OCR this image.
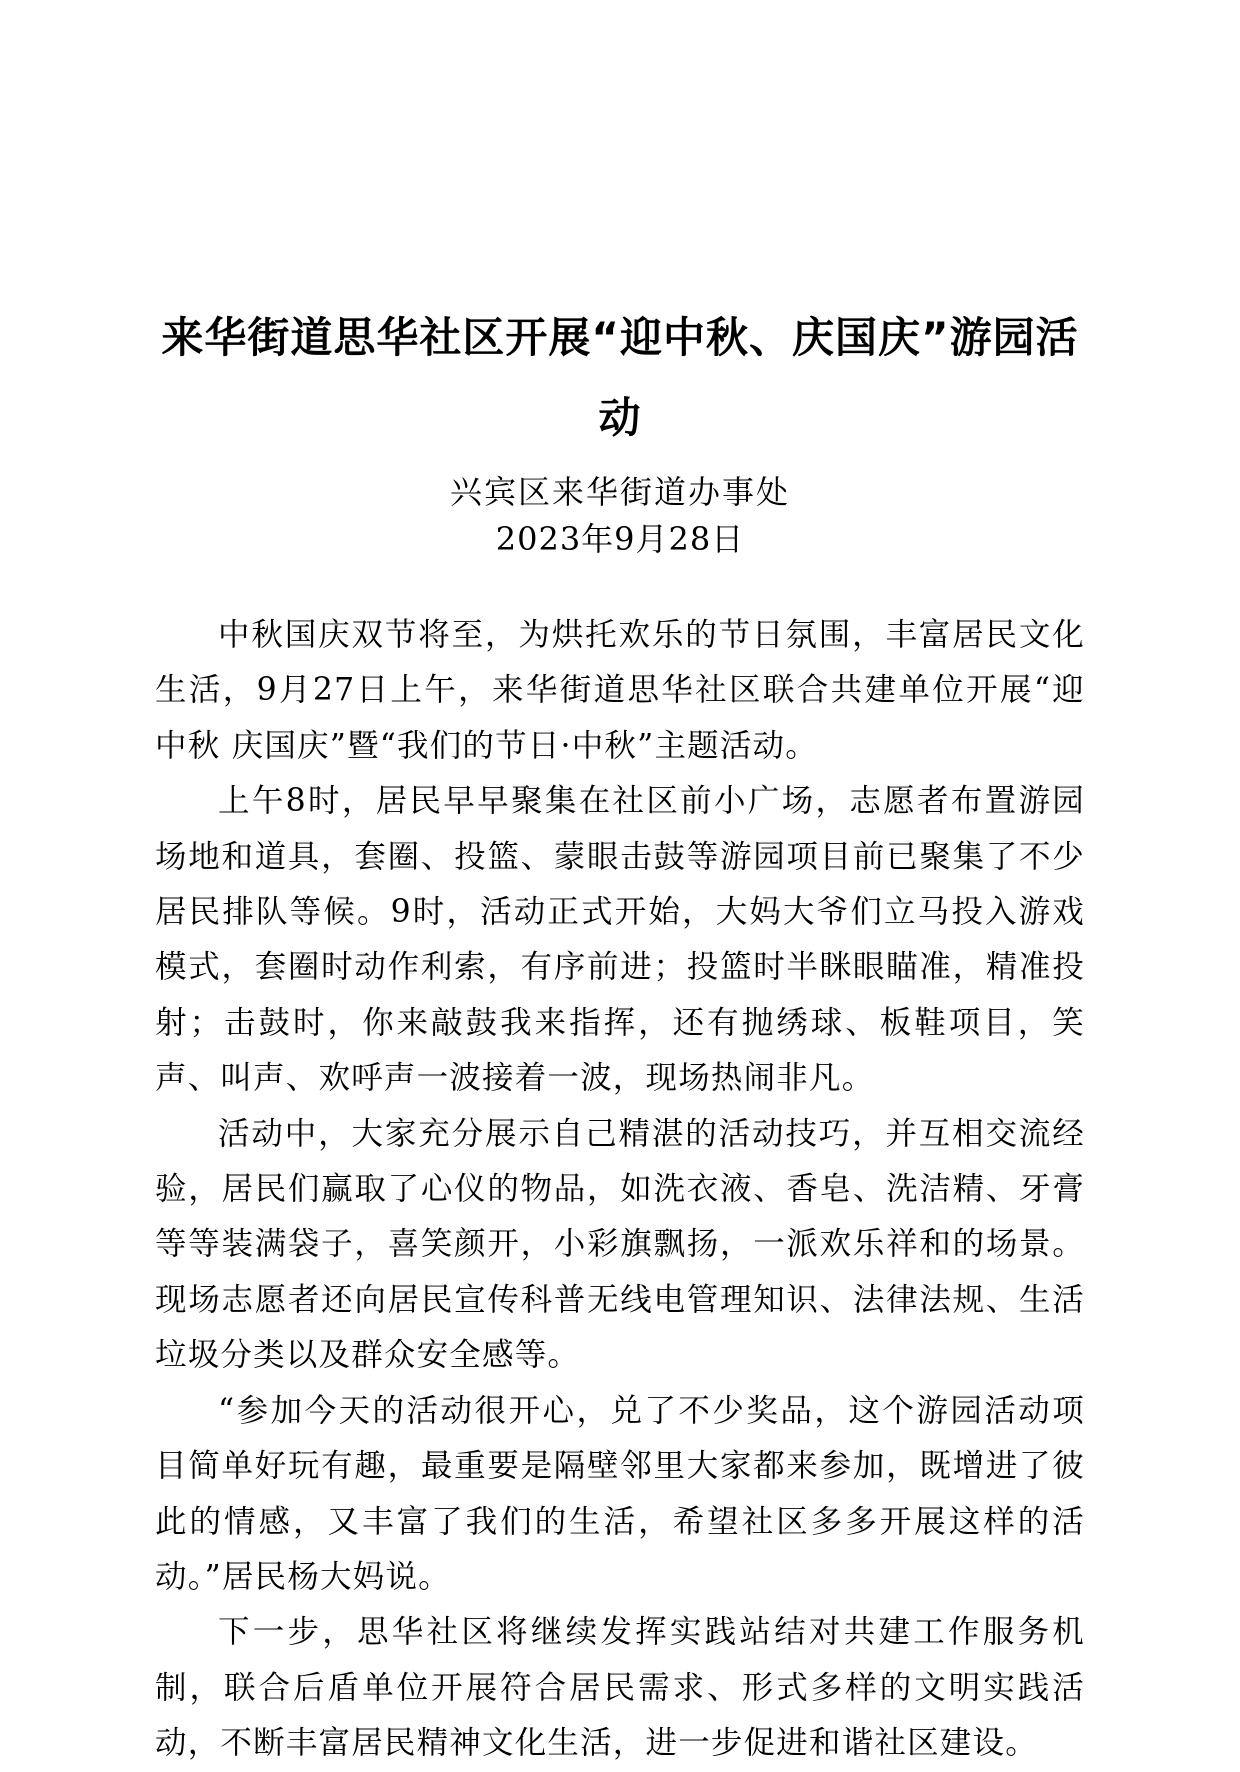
来华街道思华社区开展“迎中秋、庆国庆”游园活动
兴宾区来华街道办事处
2023年9月28日

中秋国庆双节将至，为烘托欢乐的节日氛围，丰富居民文化生活，9月27日上午，来华街道思华社区联合共建单位开展“迎中秋 庆国庆”暨“我们的节日·中秋”主题活动。

上午8时，居民早早聚集在社区前小广场，志愿者布置游园场地和道具，套圈、投篮、蒙眼击鼓等游园项目前已聚集了不少居民排队等候。9时，活动正式开始，大妈大爷们立马投入游戏模式，套圈时动作利索，有序前进；投篮时半眯眼瞄准，精准投射；击鼓时，你来敲鼓我来指挥，还有抛绣球、板鞋项目，笑声、叫声、欢呼声一波接着一波，现场热闹非凡。

活动中，大家充分展示自己精湛的活动技巧，并互相交流经验，居民们赢取了心仪的物品，如洗衣液、香皂、洗洁精、牙膏等等装满袋子，喜笑颜开，小彩旗飘扬，一派欢乐祥和的场景。现场志愿者还向居民宣传科普无线电管理知识、法律法规、生活垃圾分类以及群众安全感等。

“参加今天的活动很开心，兑了不少奖品，这个游园活动项目简单好玩有趣，最重要是隔壁邻里大家都来参加，既增进了彼此的情感，又丰富了我们的生活，希望社区多多开展这样的活动。”居民杨大妈说。

下一步，思华社区将继续发挥实践站结对共建工作服务机制，联合后盾单位开展符合居民需求、形式多样的文明实践活动，不断丰富居民精神文化生活，进一步促进和谐社区建设。
